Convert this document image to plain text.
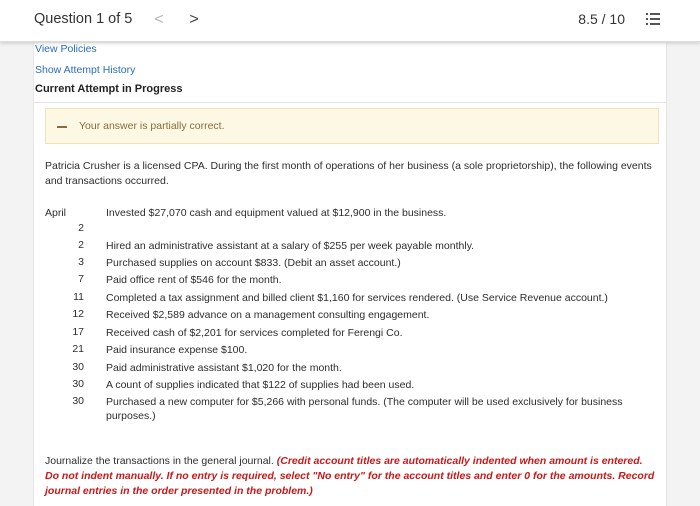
Question 1 of 5 < >	8.5 / 10
View Policies
Show Attempt History
Current Attempt in Progress
Your answer is partially correct.
Patricia Crusher is a licensed CPA. During the first month of operations of her business (a sole proprietorship), the following events and transactions occurred.
April
2
Invested $27,070 cash and equipment valued at $12,900 in the business.
2 Hired an administrative assistant at a salary of $255 per week payable monthly.
3 Purchased supplies on account $833. (Debit an asset account.)
7 Paid office rent of $546 for the month.
11 Completed a tax assignment and billed client $1,160 for services rendered. (Use Service Revenue account.)
12 Received $2,589 advance on a management consulting engagement.
17 Received cash of $2,201 for services completed for Ferengi Co.
21 Paid insurance expense $100.
30 Paid administrative assistant $1,020 for the month.
30 A count of supplies indicated that $122 of supplies had been used.
30 Purchased a new computer for $5,266 with personal funds. (The computer will be used exclusively for business purposes.)
Journalize the transactions in the general journal. (Credit account titles are automatically indented when amount is entered. Do not indent manually. If no entry is required, select "No entry" for the account titles and enter 0 for the amounts. Record journal entries in the order presented in the problem.)
